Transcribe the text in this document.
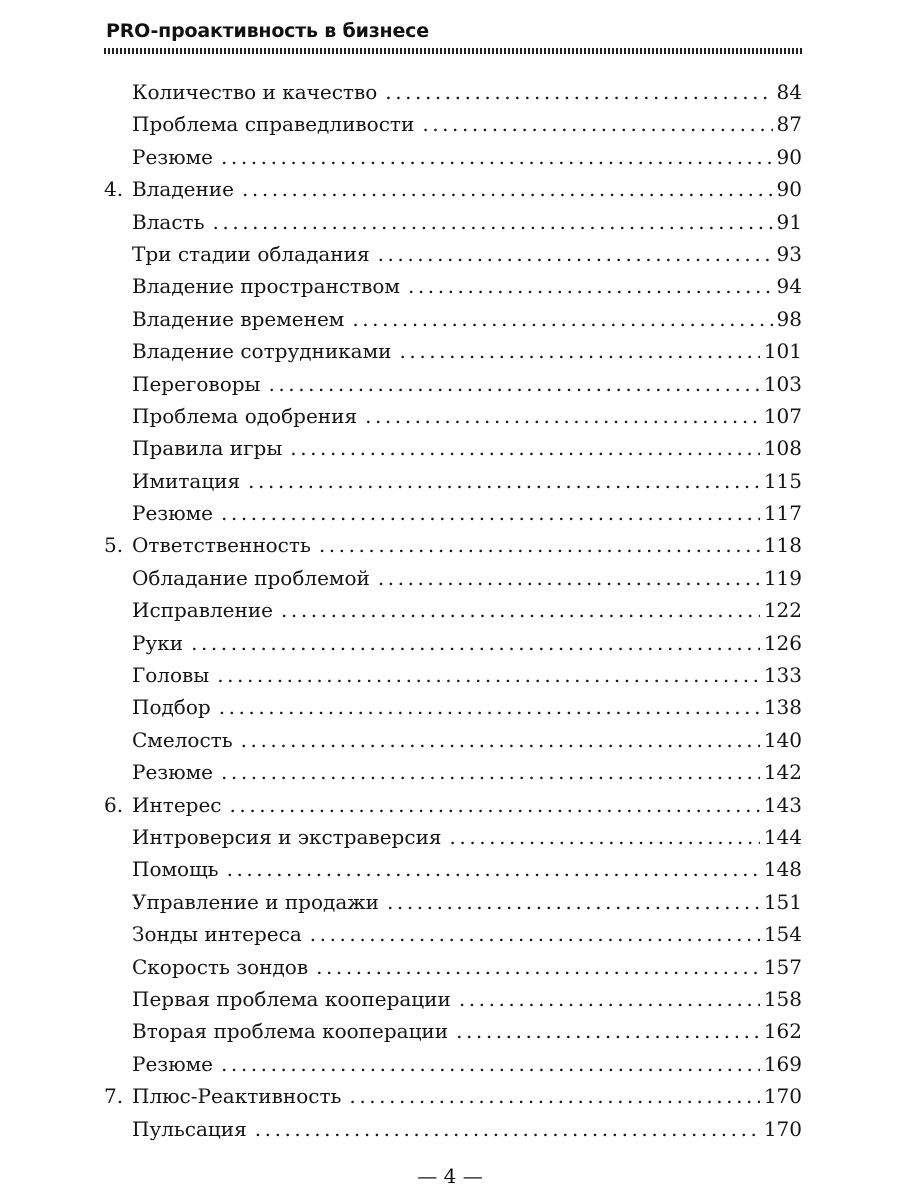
PRO-проактивность в бизнесе
Количество и качество . . .	84
Проблема справедливости . . .	87
Резюме . . .	90
4. Владение . . .	90
Власть . . .	91
Три стадии обладания . . .	93
Владение пространством . . .	94
Владение временем . . .	98
Владение сотрудниками . . .	101
Переговоры . . .	103
Проблема одобрения . . .	107
Правила игры . . .	108
Имитация . . .	115
Резюме . . .	117
5. Ответственность . . .	118
Обладание проблемой . . .	119
Исправление . . .	122
Руки . . .	126
Головы . . .	133
Подбор . . .	138
Смелость . . .	140
Резюме . . .	142
6. Интерес . . .	143
Интроверсия и экстраверсия . . .	144
Помощь . . .	148
Управление и продажи . . .	151
Зонды интереса . . .	154
Скорость зондов . . .	157
Первая проблема кооперации . . .	158
Вторая проблема кооперации . . .	162
Резюме . . .	169
7. Плюс-Реактивность . . .	170
Пульсация . . .	170
— 4 —
